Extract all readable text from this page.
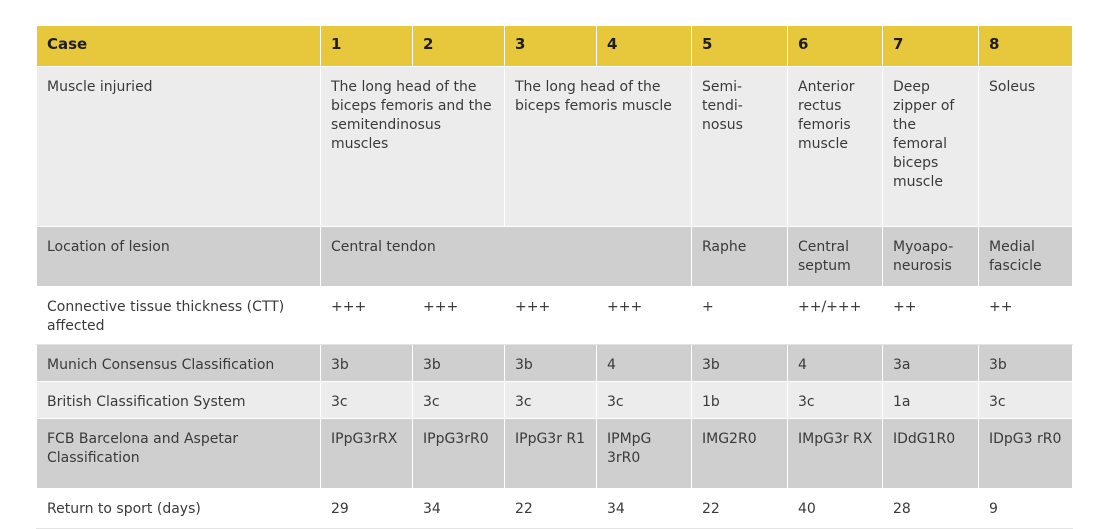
Case	1	2	3	4	5	6	7	8
Muscle injuried	The long head of the biceps femoris and the semitendinosus muscles		The long head of the biceps femoris muscle		Semi-tendi-nosus	Anterior rectus femoris muscle	Deep zipper of the femoral biceps muscle	Soleus
Location of lesion	Central tendon				Raphe	Central septum	Myoapo-neurosis	Medial fascicle
Connective tissue thickness (CTT) affected	+++	+++	+++	+++	+	++/+++	++	++
Munich Consensus Classification	3b	3b	3b	4	3b	4	3a	3b
British Classification System	3c	3c	3c	3c	1b	3c	1a	3c
FCB Barcelona and Aspetar Classification	IPpG3rRX	IPpG3rR0	IPpG3r R1	IPMpG 3rR0	IMG2R0	IMpG3r RX	IDdG1R0	IDpG3 rR0
Return to sport (days)	29	34	22	34	22	40	28	9
